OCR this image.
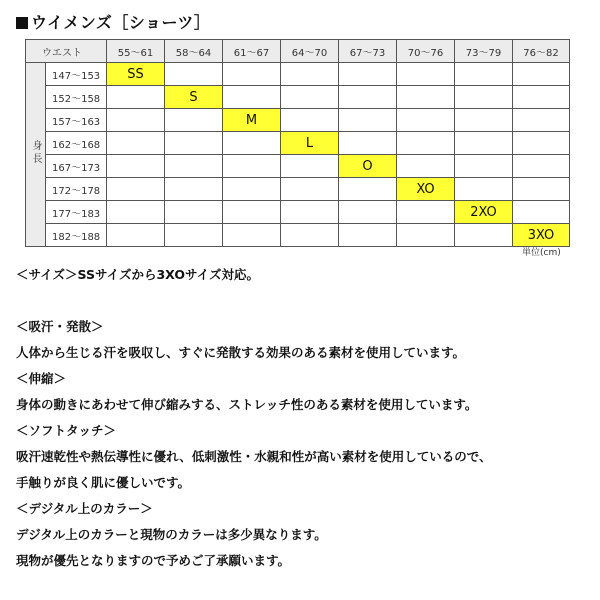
ウイメンズ［ショーツ］
ウエスト		55〜61	58〜64	61〜67	64〜70	67〜73	70〜76	73〜79	76〜82
身長	147〜153	SS							
	152〜158		S						
	157〜163			M					
	162〜168				L				
	167〜173					O			
	172〜178						XO		
	177〜183							2XO	
	182〜188								3XO
単位(cm)

＜サイズ＞SSサイズから3XOサイズ対応。

＜吸汗・発散＞

人体から生じる汗を吸収し、すぐに発散する効果のある素材を使用しています。

＜伸縮＞

身体の動きにあわせて伸び縮みする、ストレッチ性のある素材を使用しています。

＜ソフトタッチ＞

吸汗速乾性や熱伝導性に優れ、低刺激性・水親和性が高い素材を使用しているので、

手触りが良く肌に優しいです。

＜デジタル上のカラー＞

デジタル上のカラーと現物のカラーは多少異なります。

現物が優先となりますので予めご了承願います。
